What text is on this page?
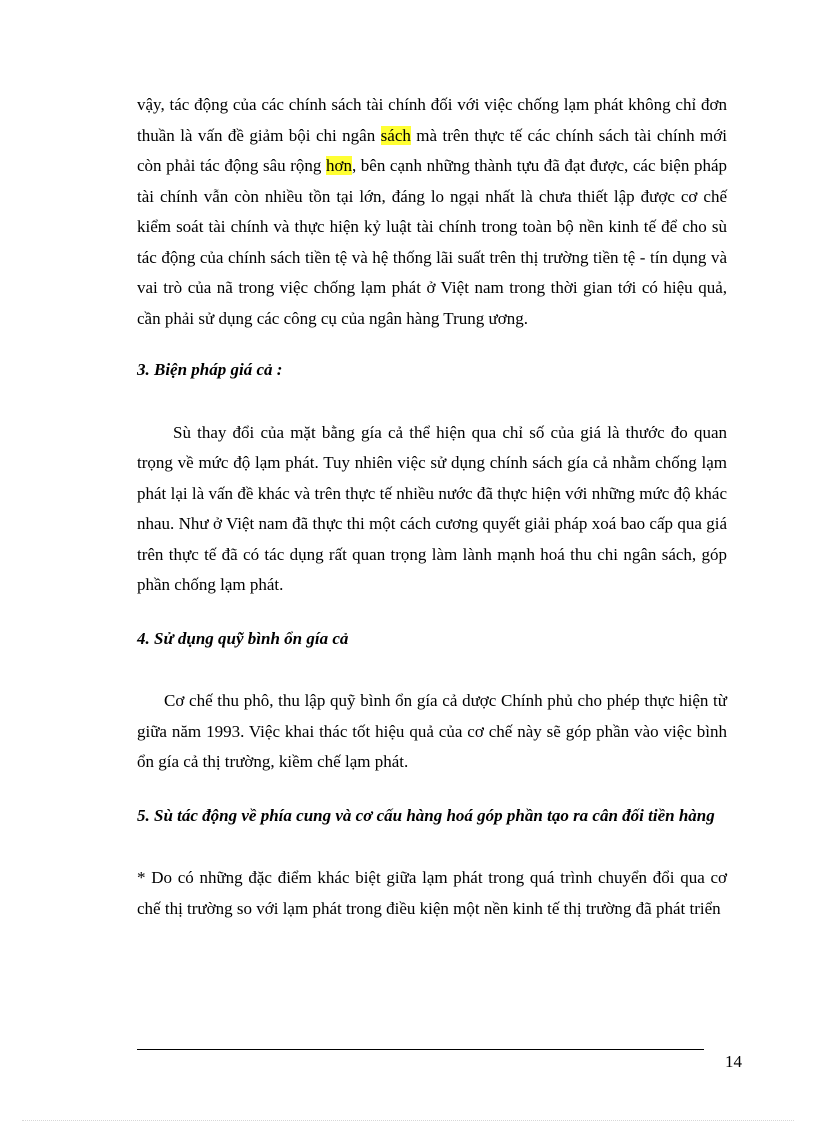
vậy, tác động của các chính sách tài chính đối với việc chống lạm phát không chỉ đơn thuần là vấn đề giảm bội chi ngân sách mà trên thực tế các chính sách tài chính mới còn phải tác động sâu rộng hơn, bên cạnh những thành tựu đã đạt được, các biện pháp tài chính vẫn còn nhiều tồn tại lớn, đáng lo ngại nhất là chưa thiết lập được cơ chế kiểm soát tài chính và thực hiện kỷ luật tài chính trong toàn bộ nền kinh tế để cho sù tác động của chính sách tiền tệ và hệ thống lãi suất trên thị trường tiền tệ - tín dụng và vai trò của nã trong việc chống lạm phát ở Việt nam trong thời gian tới có hiệu quả, cần phải sử dụng các công cụ của ngân hàng Trung ương.

3. Biện pháp giá cả :

Sù thay đổi của mặt bằng gía cả thể hiện qua chỉ số của giá là thước đo quan trọng về mức độ lạm phát. Tuy nhiên việc sử dụng chính sách gía cả nhằm chống lạm phát lại là vấn đề khác và trên thực tế nhiều nước đã thực hiện với những mức độ khác nhau. Như ở Việt nam đã thực thi một cách cương quyết giải pháp xoá bao cấp qua giá trên thực tế đã có tác dụng rất quan trọng làm lành mạnh hoá thu chi ngân sách, góp phần chống lạm phát.

4. Sử dụng quỹ bình ổn gía cả

Cơ chế thu phô, thu lập quỹ bình ổn gía cả dược Chính phủ cho phép thực hiện từ giữa năm 1993. Việc khai thác tốt hiệu quả của cơ chế này sẽ góp phần vào việc bình ổn gía cả thị trường, kiềm chế lạm phát.

5. Sù tác động về phía cung và cơ cấu hàng hoá góp phần tạo ra cân đối tiền hàng

* Do có những đặc điểm khác biệt giữa lạm phát trong quá trình chuyển đổi qua cơ chế thị trường so với lạm phát trong điều kiện một nền kinh tế thị trường đã phát triển

14
